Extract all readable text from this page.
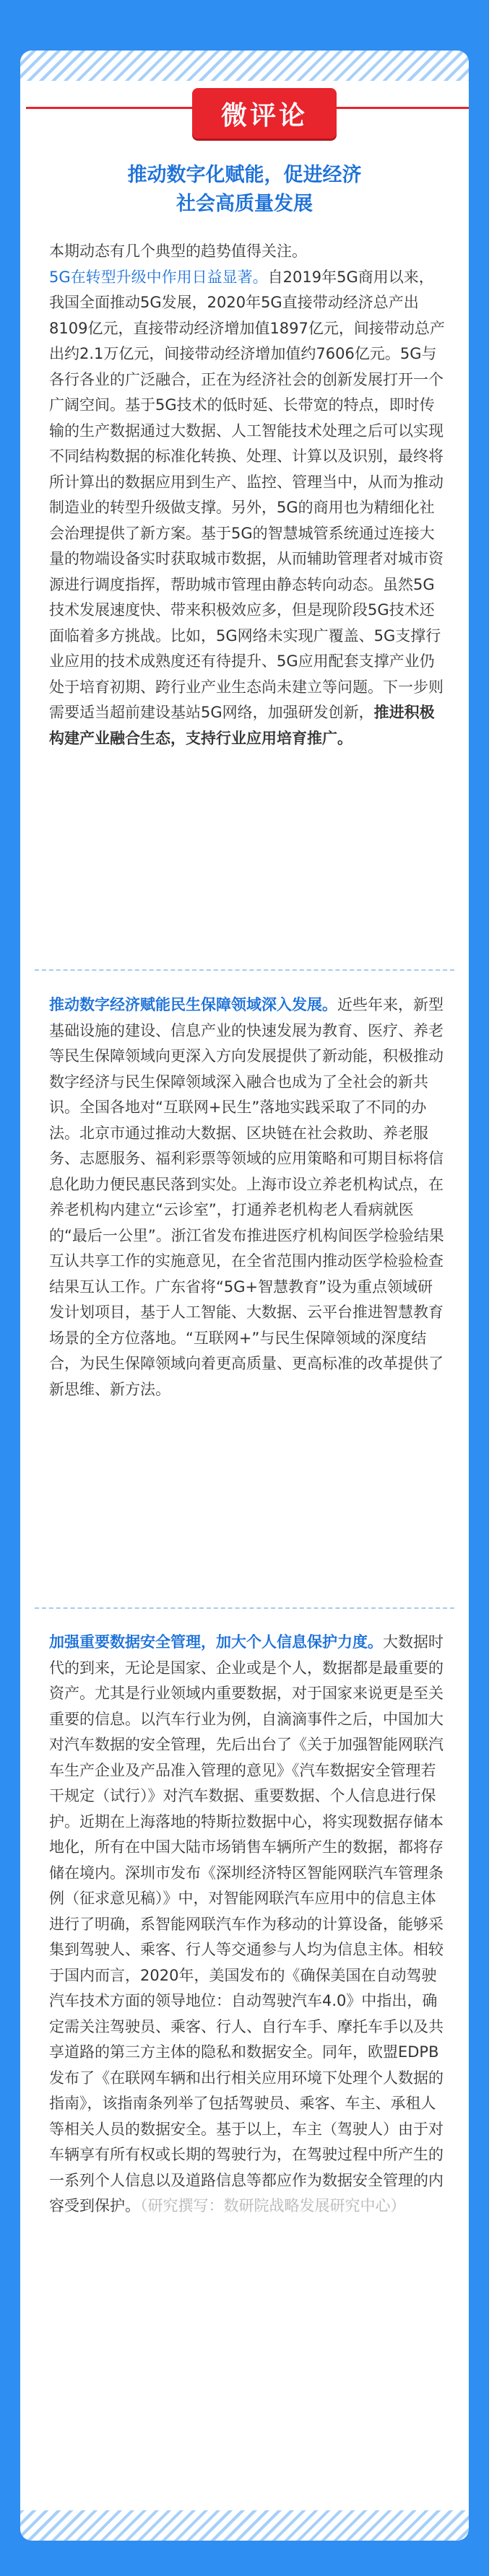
微评论
推动数字化赋能，促进经济
社会高质量发展

本期动态有几个典型的趋势值得关注。

5G在转型升级中作用日益显著。自2019年5G商用以来，我国全面推动5G发展，2020年5G直接带动经济总产出8109亿元，直接带动经济增加值1897亿元，间接带动总产出约2.1万亿元，间接带动经济增加值约7606亿元。5G与各行各业的广泛融合，正在为经济社会的创新发展打开一个广阔空间。基于5G技术的低时延、长带宽的特点，即时传输的生产数据通过大数据、人工智能技术处理之后可以实现不同结构数据的标准化转换、处理、计算以及识别，最终将所计算出的数据应用到生产、监控、管理当中，从而为推动制造业的转型升级做支撑。另外，5G的商用也为精细化社会治理提供了新方案。基于5G的智慧城管系统通过连接大量的物端设备实时获取城市数据，从而辅助管理者对城市资源进行调度指挥，帮助城市管理由静态转向动态。虽然5G技术发展速度快、带来积极效应多，但是现阶段5G技术还面临着多方挑战。比如，5G网络未实现广覆盖、5G支撑行业应用的技术成熟度还有待提升、5G应用配套支撑产业仍处于培育初期、跨行业产业生态尚未建立等问题。下一步则需要适当超前建设基站5G网络，加强研发创新，推进积极构建产业融合生态，支持行业应用培育推广。

推动数字经济赋能民生保障领域深入发展。近些年来，新型基础设施的建设、信息产业的快速发展为教育、医疗、养老等民生保障领域向更深入方向发展提供了新动能，积极推动数字经济与民生保障领域深入融合也成为了全社会的新共识。全国各地对“互联网+民生”落地实践采取了不同的办法。北京市通过推动大数据、区块链在社会救助、养老服务、志愿服务、福利彩票等领域的应用策略和可期目标将信息化助力便民惠民落到实处。上海市设立养老机构试点，在养老机构内建立“云诊室”，打通养老机构老人看病就医的“最后一公里”。浙江省发布推进医疗机构间医学检验结果互认共享工作的实施意见，在全省范围内推动医学检验检查结果互认工作。广东省将“5G+智慧教育”设为重点领域研发计划项目，基于人工智能、大数据、云平台推进智慧教育场景的全方位落地。“互联网+”与民生保障领域的深度结合，为民生保障领域向着更高质量、更高标准的改革提供了新思维、新方法。

加强重要数据安全管理，加大个人信息保护力度。大数据时代的到来，无论是国家、企业或是个人，数据都是最重要的资产。尤其是行业领域内重要数据，对于国家来说更是至关重要的信息。以汽车行业为例，自滴滴事件之后，中国加大对汽车数据的安全管理，先后出台了《关于加强智能网联汽车生产企业及产品准入管理的意见》《汽车数据安全管理若干规定（试行）》对汽车数据、重要数据、个人信息进行保护。近期在上海落地的特斯拉数据中心，将实现数据存储本地化，所有在中国大陆市场销售车辆所产生的数据，都将存储在境内。深圳市发布《深圳经济特区智能网联汽车管理条例（征求意见稿）》中，对智能网联汽车应用中的信息主体进行了明确，系智能网联汽车作为移动的计算设备，能够采集到驾驶人、乘客、行人等交通参与人均为信息主体。相较于国内而言，2020年，美国发布的《确保美国在自动驾驶汽车技术方面的领导地位：自动驾驶汽车4.0》中指出，确定需关注驾驶员、乘客、行人、自行车手、摩托车手以及共享道路的第三方主体的隐私和数据安全。同年，欧盟EDPB发布了《在联网车辆和出行相关应用环境下处理个人数据的指南》，该指南条列举了包括驾驶员、乘客、车主、承租人等相关人员的数据安全。基于以上，车主（驾驶人）由于对车辆享有所有权或长期的驾驶行为，在驾驶过程中所产生的一系列个人信息以及道路信息等都应作为数据安全管理的内容受到保护。（研究撰写：数研院战略发展研究中心）
